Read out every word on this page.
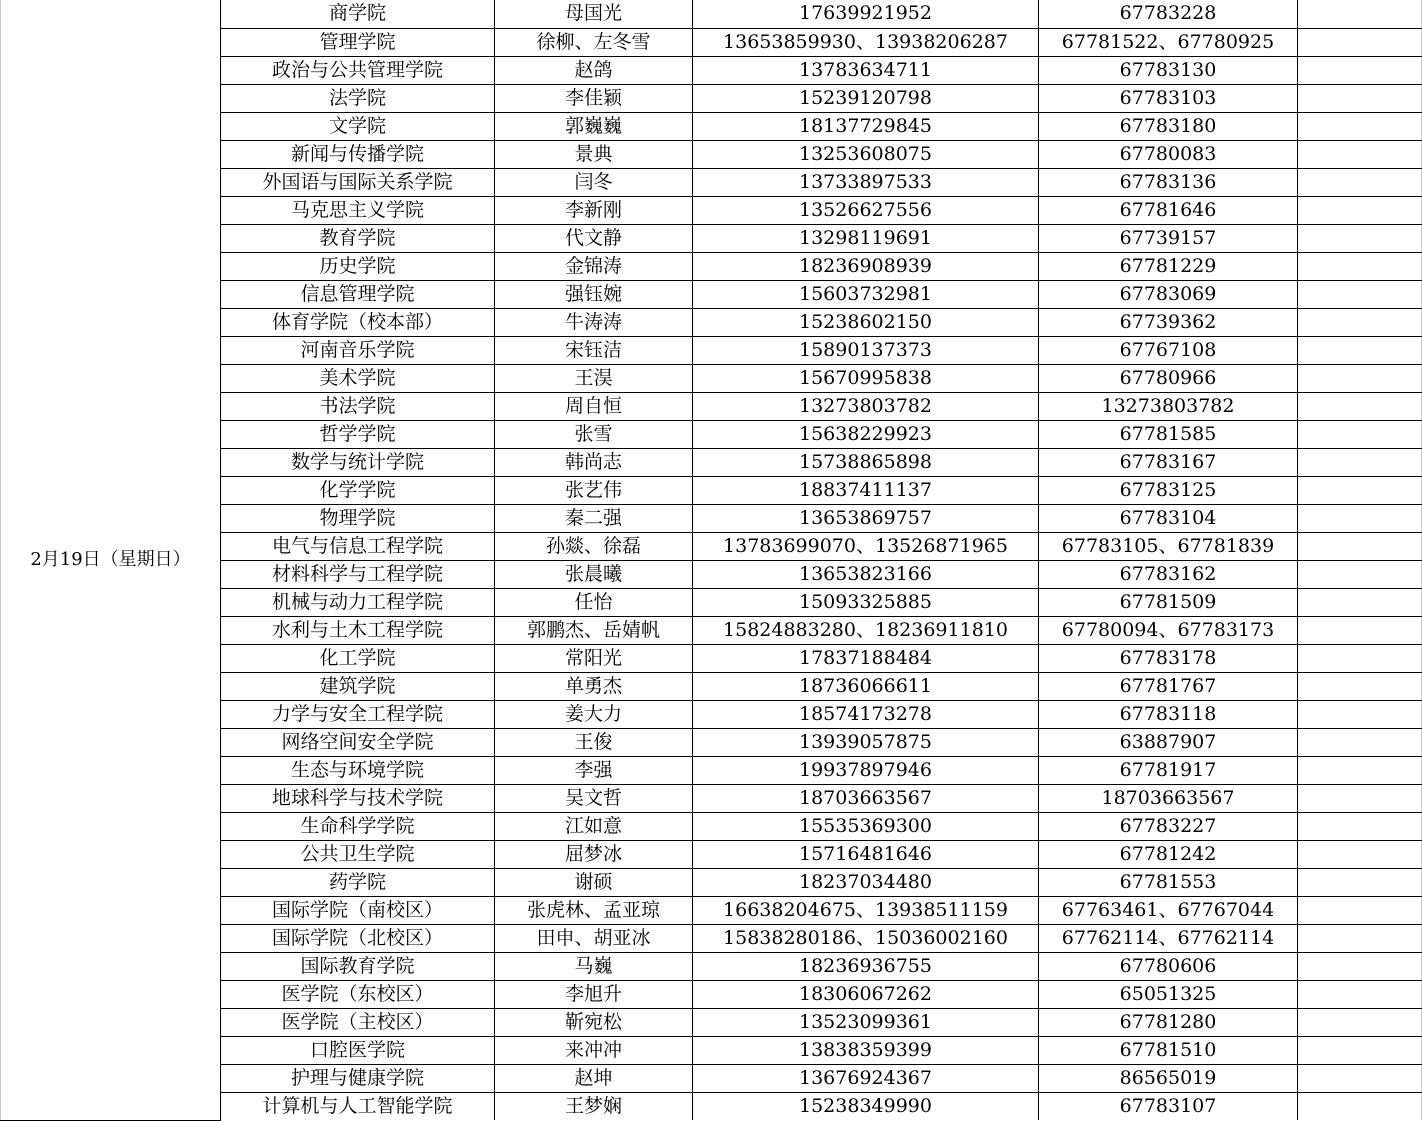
2月19日（星期日）	商学院	母国光	17639921952	67783228	
	管理学院	徐柳、左冬雪	13653859930、13938206287	67781522、67780925	
	政治与公共管理学院	赵鸽	13783634711	67783130	
	法学院	李佳颖	15239120798	67783103	
	文学院	郭巍巍	18137729845	67783180	
	新闻与传播学院	景典	13253608075	67780083	
	外国语与国际关系学院	闫冬	13733897533	67783136	
	马克思主义学院	李新刚	13526627556	67781646	
	教育学院	代文静	13298119691	67739157	
	历史学院	金锦涛	18236908939	67781229	
	信息管理学院	强钰婉	15603732981	67783069	
	体育学院（校本部）	牛涛涛	15238602150	67739362	
	河南音乐学院	宋钰洁	15890137373	67767108	
	美术学院	王淏	15670995838	67780966	
	书法学院	周自恒	13273803782	13273803782	
	哲学学院	张雪	15638229923	67781585	
	数学与统计学院	韩尚志	15738865898	67783167	
	化学学院	张艺伟	18837411137	67783125	
	物理学院	秦二强	13653869757	67783104	
	电气与信息工程学院	孙燚、徐磊	13783699070、13526871965	67783105、67781839	
	材料科学与工程学院	张晨曦	13653823166	67783162	
	机械与动力工程学院	任怡	15093325885	67781509	
	水利与土木工程学院	郭鹏杰、岳婧帆	15824883280、18236911810	67780094、67783173	
	化工学院	常阳光	17837188484	67783178	
	建筑学院	单勇杰	18736066611	67781767	
	力学与安全工程学院	姜大力	18574173278	67783118	
	网络空间安全学院	王俊	13939057875	63887907	
	生态与环境学院	李强	19937897946	67781917	
	地球科学与技术学院	吴文哲	18703663567	18703663567	
	生命科学学院	江如意	15535369300	67783227	
	公共卫生学院	屈梦冰	15716481646	67781242	
	药学院	谢硕	18237034480	67781553	
	国际学院（南校区）	张虎林、孟亚琼	16638204675、13938511159	67763461、67767044	
	国际学院（北校区）	田申、胡亚冰	15838280186、15036002160	67762114、67762114	
	国际教育学院	马巍	18236936755	67780606	
	医学院（东校区）	李旭升	18306067262	65051325	
	医学院（主校区）	靳宛松	13523099361	67781280	
	口腔医学院	来冲冲	13838359399	67781510	
	护理与健康学院	赵坤	13676924367	86565019	
	计算机与人工智能学院	王梦娴	15238349990	67783107	
